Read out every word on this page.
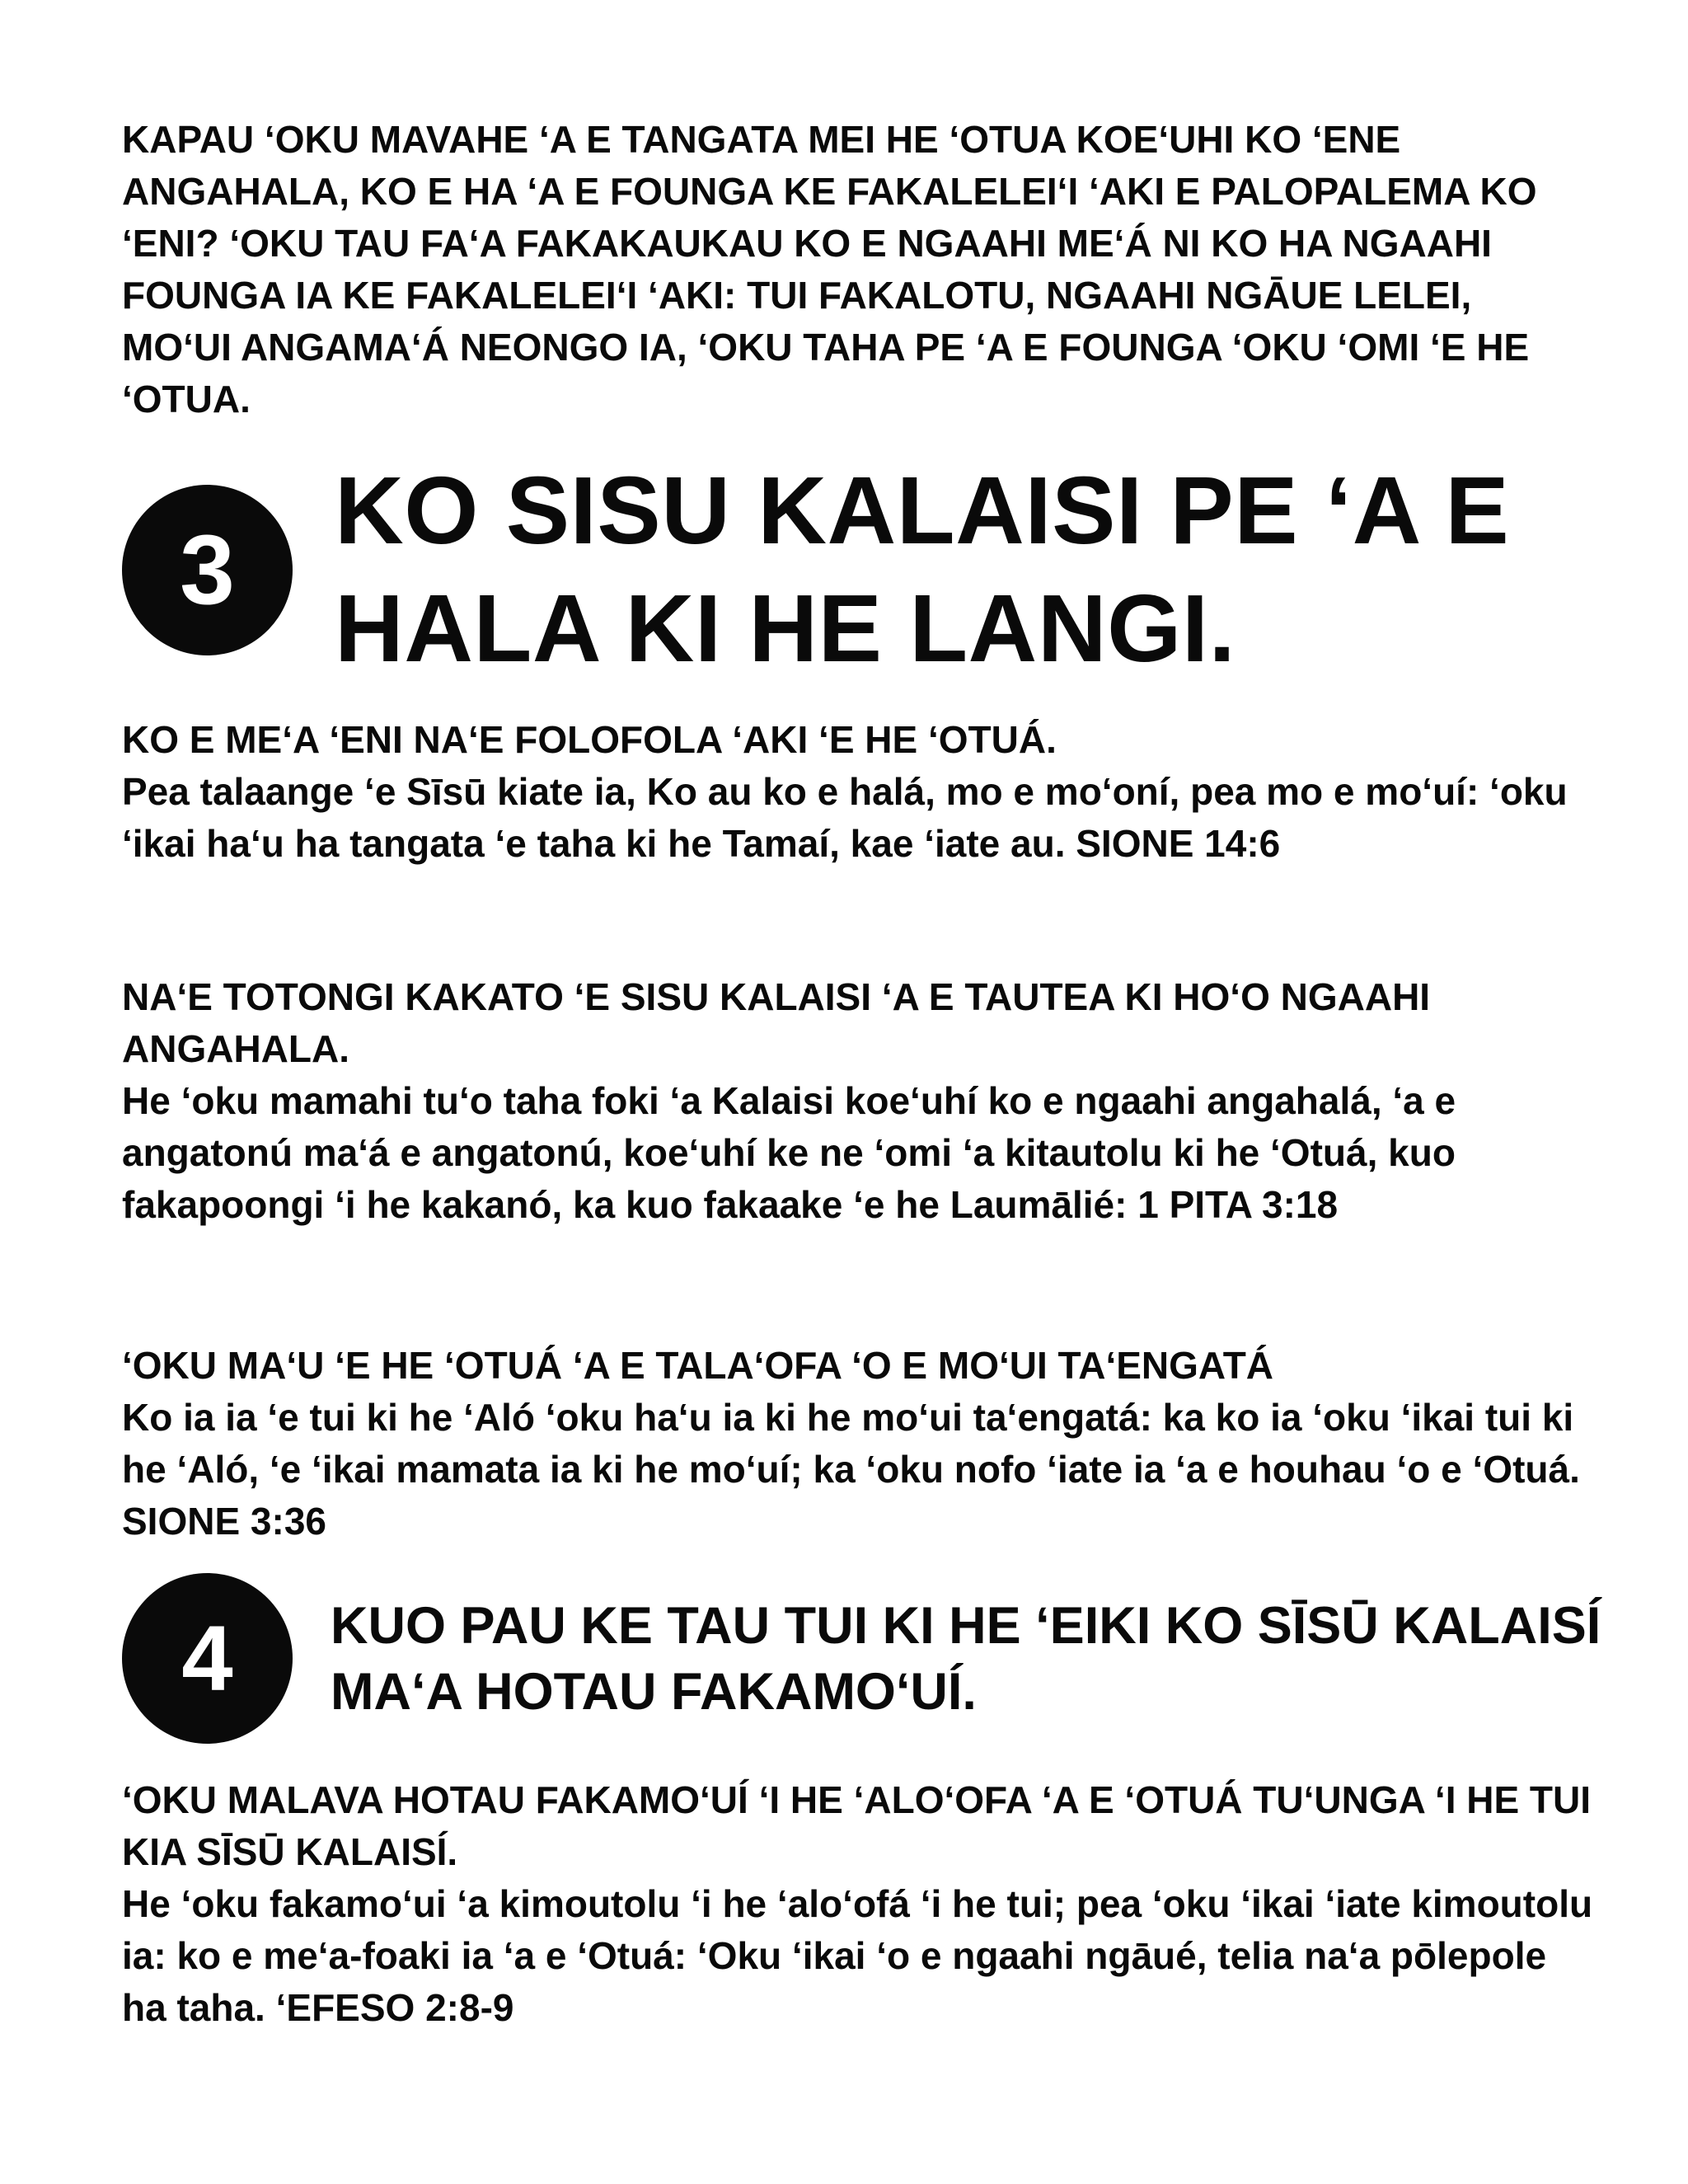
KAPAU ‘OKU MAVAHE ‘A E TANGATA MEI HE ‘OTUA KOE‘UHI KO ‘ENE ANGAHALA, KO E HA ‘A E FOUNGA KE FAKALELEI‘I ‘AKI E PALOPALEMA KO ‘ENI? ‘OKU TAU FA‘A FAKAKAUKAU KO E NGAAHI ME‘Á NI KO HA NGAAHI FOUNGA IA KE FAKALELEI‘I ‘AKI: TUI FAKALOTU, NGAAHI NGĀUE LELEI, MO‘UI ANGAMA‘Á NEONGO IA, ‘OKU TAHA PE ‘A E FOUNGA ‘OKU ‘OMI ‘E HE ‘OTUA.

3
KO SISU KALAISI PE ‘A E HALA KI HE LANGI.

KO E ME‘A ‘ENI NA‘E FOLOFOLA ‘AKI ‘E HE ‘OTUÁ.

Pea talaange ‘e Sīsū kiate ia, Ko au ko e halá, mo e mo‘oní, pea mo e mo‘uí: ‘oku ‘ikai ha‘u ha tangata ‘e taha ki he Tamaí, kae ‘iate au. SIONE 14:6

NA‘E TOTONGI KAKATO ‘E SISU KALAISI ‘A E TAUTEA KI HO‘O NGAAHI ANGAHALA.

He ‘oku mamahi tu‘o taha foki ‘a Kalaisi koe‘uhí ko e ngaahi angahalá, ‘a e angatonú ma‘á e angatonú, koe‘uhí ke ne ‘omi ‘a kitautolu ki he ‘Otuá, kuo fakapoongi ‘i he kakanó, ka kuo fakaake ‘e he Laumālié: 1 PITA 3:18

‘OKU MA‘U ‘E HE ‘OTUÁ ‘A E TALA‘OFA ‘O E MO‘UI TA‘ENGATÁ

Ko ia ia ‘e tui ki he ‘Aló ‘oku ha‘u ia ki he mo‘ui ta‘engatá: ka ko ia ‘oku ‘ikai tui ki he ‘Aló, ‘e ‘ikai mamata ia ki he mo‘uí; ka ‘oku nofo ‘iate ia ‘a e houhau ‘o e ‘Otuá. SIONE 3:36

4	KUO PAU KE TAU TUI KI HE ‘EIKI KO SĪSŪ KALAISÍ MA‘A HOTAU FAKAMO‘UÍ.

‘OKU MALAVA HOTAU FAKAMO‘UÍ ‘I HE ‘ALO‘OFA ‘A E ‘OTUÁ TU‘UNGA ‘I HE TUI KIA SĪSŪ KALAISÍ.

He ‘oku fakamo‘ui ‘a kimoutolu ‘i he ‘alo‘ofá ‘i he tui; pea ‘oku ‘ikai ‘iate kimoutolu ia: ko e me‘a-foaki ia ‘a e ‘Otuá: ‘Oku ‘ikai ‘o e ngaahi ngāué, telia na‘a pōlepole ha taha. ‘EFESO 2:8-9
